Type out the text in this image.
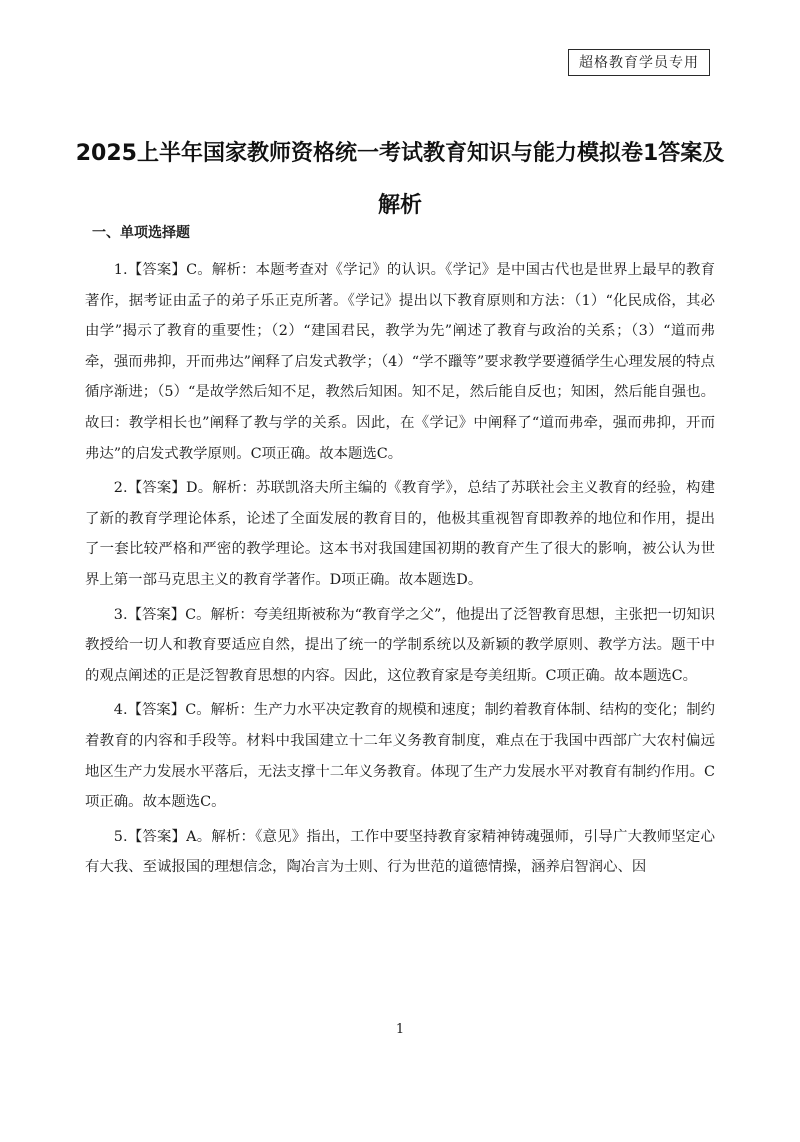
超格教育学员专用
2025上半年国家教师资格统一考试教育知识与能力模拟卷1答案及
解析
一、单项选择题

1.【答案】C。解析：本题考查对《学记》的认识。《学记》是中国古代也是世界上最早的教育著作，据考证由孟子的弟子乐正克所著。《学记》提出以下教育原则和方法：（1）“化民成俗，其必由学”揭示了教育的重要性；（2）“建国君民，教学为先”阐述了教育与政治的关系；（3）“道而弗牵，强而弗抑，开而弗达”阐释了启发式教学；（4）“学不躐等”要求教学要遵循学生心理发展的特点循序渐进；（5）“是故学然后知不足，教然后知困。知不足，然后能自反也；知困，然后能自强也。故曰：教学相长也”阐释了教与学的关系。因此，在《学记》中阐释了“道而弗牵，强而弗抑，开而弗达”的启发式教学原则。C项正确。故本题选C。

2.【答案】D。解析：苏联凯洛夫所主编的《教育学》，总结了苏联社会主义教育的经验，构建了新的教育学理论体系，论述了全面发展的教育目的，他极其重视智育即教养的地位和作用，提出了一套比较严格和严密的教学理论。这本书对我国建国初期的教育产生了很大的影响，被公认为世界上第一部马克思主义的教育学著作。D项正确。故本题选D。

3.【答案】C。解析：夸美纽斯被称为“教育学之父”，他提出了泛智教育思想，主张把一切知识教授给一切人和教育要适应自然，提出了统一的学制系统以及新颖的教学原则、教学方法。题干中的观点阐述的正是泛智教育思想的内容。因此，这位教育家是夸美纽斯。C项正确。故本题选C。

4.【答案】C。解析：生产力水平决定教育的规模和速度；制约着教育体制、结构的变化；制约着教育的内容和手段等。材料中我国建立十二年义务教育制度，难点在于我国中西部广大农村偏远地区生产力发展水平落后，无法支撑十二年义务教育。体现了生产力发展水平对教育有制约作用。C项正确。故本题选C。

5.【答案】A。解析：《意见》指出，工作中要坚持教育家精神铸魂强师，引导广大教师坚定心有大我、至诚报国的理想信念，陶冶言为士则、行为世范的道德情操，涵养启智润心、因

1
